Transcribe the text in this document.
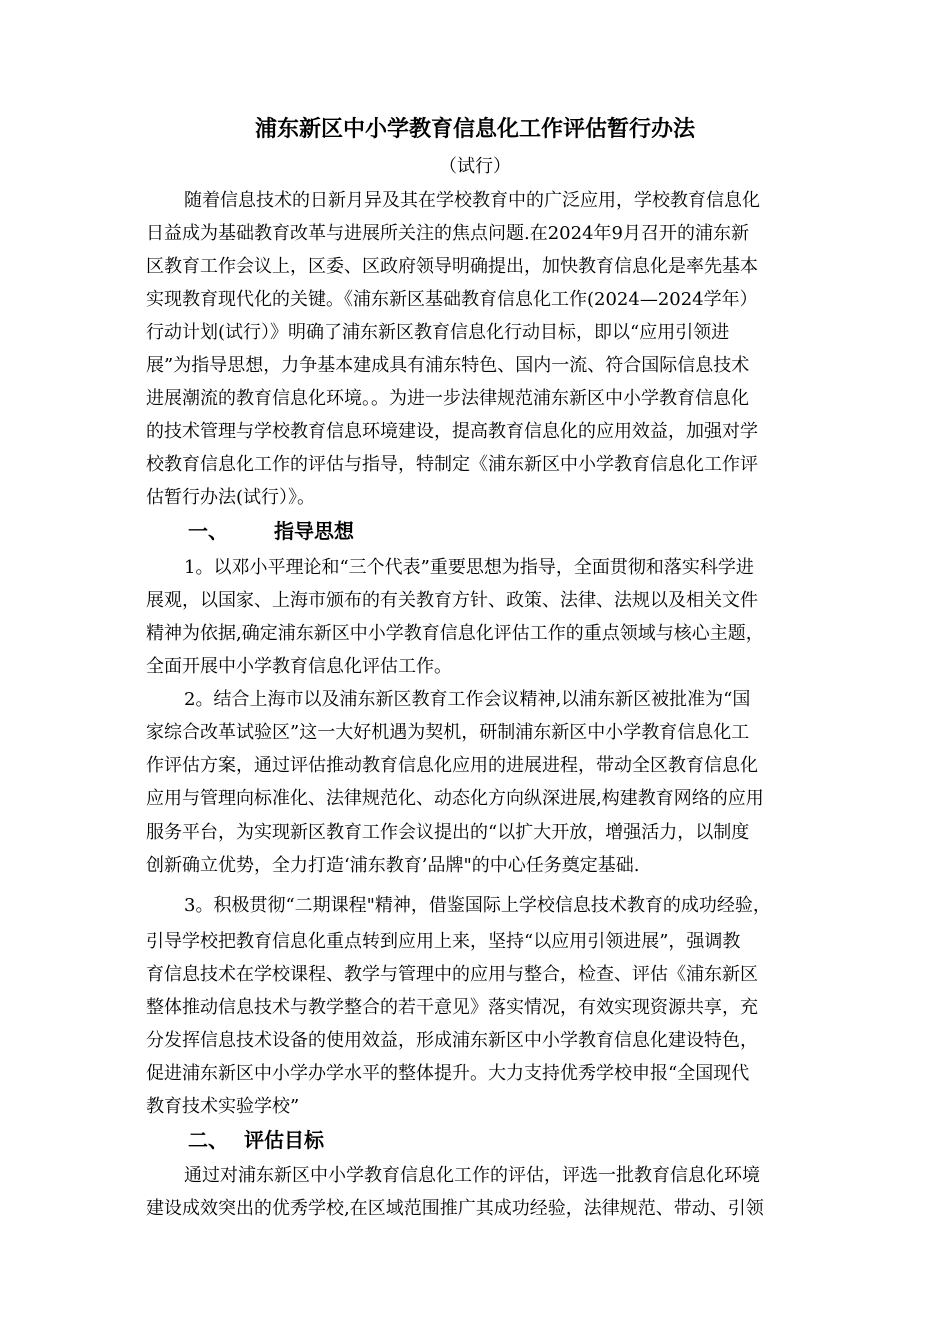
浦东新区中小学教育信息化工作评估暂行办法
（试行）
随着信息技术的日新月异及其在学校教育中的广泛应用，学校教育信息化
日益成为基础教育改革与进展所关注的焦点问题.在2024年9月召开的浦东新
区教育工作会议上，区委、区政府领导明确提出，加快教育信息化是率先基本
实现教育现代化的关键。《浦东新区基础教育信息化工作(2024—2024学年）
行动计划(试行）》明确了浦东新区教育信息化行动目标，即以“应用引领进
展”为指导思想，力争基本建成具有浦东特色、国内一流、符合国际信息技术
进展潮流的教育信息化环境。。为进一步法律规范浦东新区中小学教育信息化
的技术管理与学校教育信息环境建设，提高教育信息化的应用效益，加强对学
校教育信息化工作的评估与指导，特制定《浦东新区中小学教育信息化工作评
估暂行办法(试行）》。
一、 指导思想
1。以邓小平理论和“三个代表”重要思想为指导，全面贯彻和落实科学进
展观，以国家、上海市颁布的有关教育方针、政策、法律、法规以及相关文件
精神为依据,确定浦东新区中小学教育信息化评估工作的重点领域与核心主题，
全面开展中小学教育信息化评估工作。
2。结合上海市以及浦东新区教育工作会议精神,以浦东新区被批准为“国
家综合改革试验区”这一大好机遇为契机，研制浦东新区中小学教育信息化工
作评估方案，通过评估推动教育信息化应用的进展进程，带动全区教育信息化
应用与管理向标准化、法律规范化、动态化方向纵深进展,构建教育网络的应用
服务平台，为实现新区教育工作会议提出的“以扩大开放，增强活力，以制度
创新确立优势，全力打造‘浦东教育’品牌"的中心任务奠定基础.
3。积极贯彻“二期课程"精神，借鉴国际上学校信息技术教育的成功经验，
引导学校把教育信息化重点转到应用上来，坚持“以应用引领进展”，强调教
育信息技术在学校课程、教学与管理中的应用与整合，检查、评估《浦东新区
整体推动信息技术与教学整合的若干意见》落实情况，有效实现资源共享，充
分发挥信息技术设备的使用效益，形成浦东新区中小学教育信息化建设特色，
促进浦东新区中小学办学水平的整体提升。大力支持优秀学校申报“全国现代
教育技术实验学校”
二、 评估目标
通过对浦东新区中小学教育信息化工作的评估，评选一批教育信息化环境
建设成效突出的优秀学校,在区域范围推广其成功经验，法律规范、带动、引领
